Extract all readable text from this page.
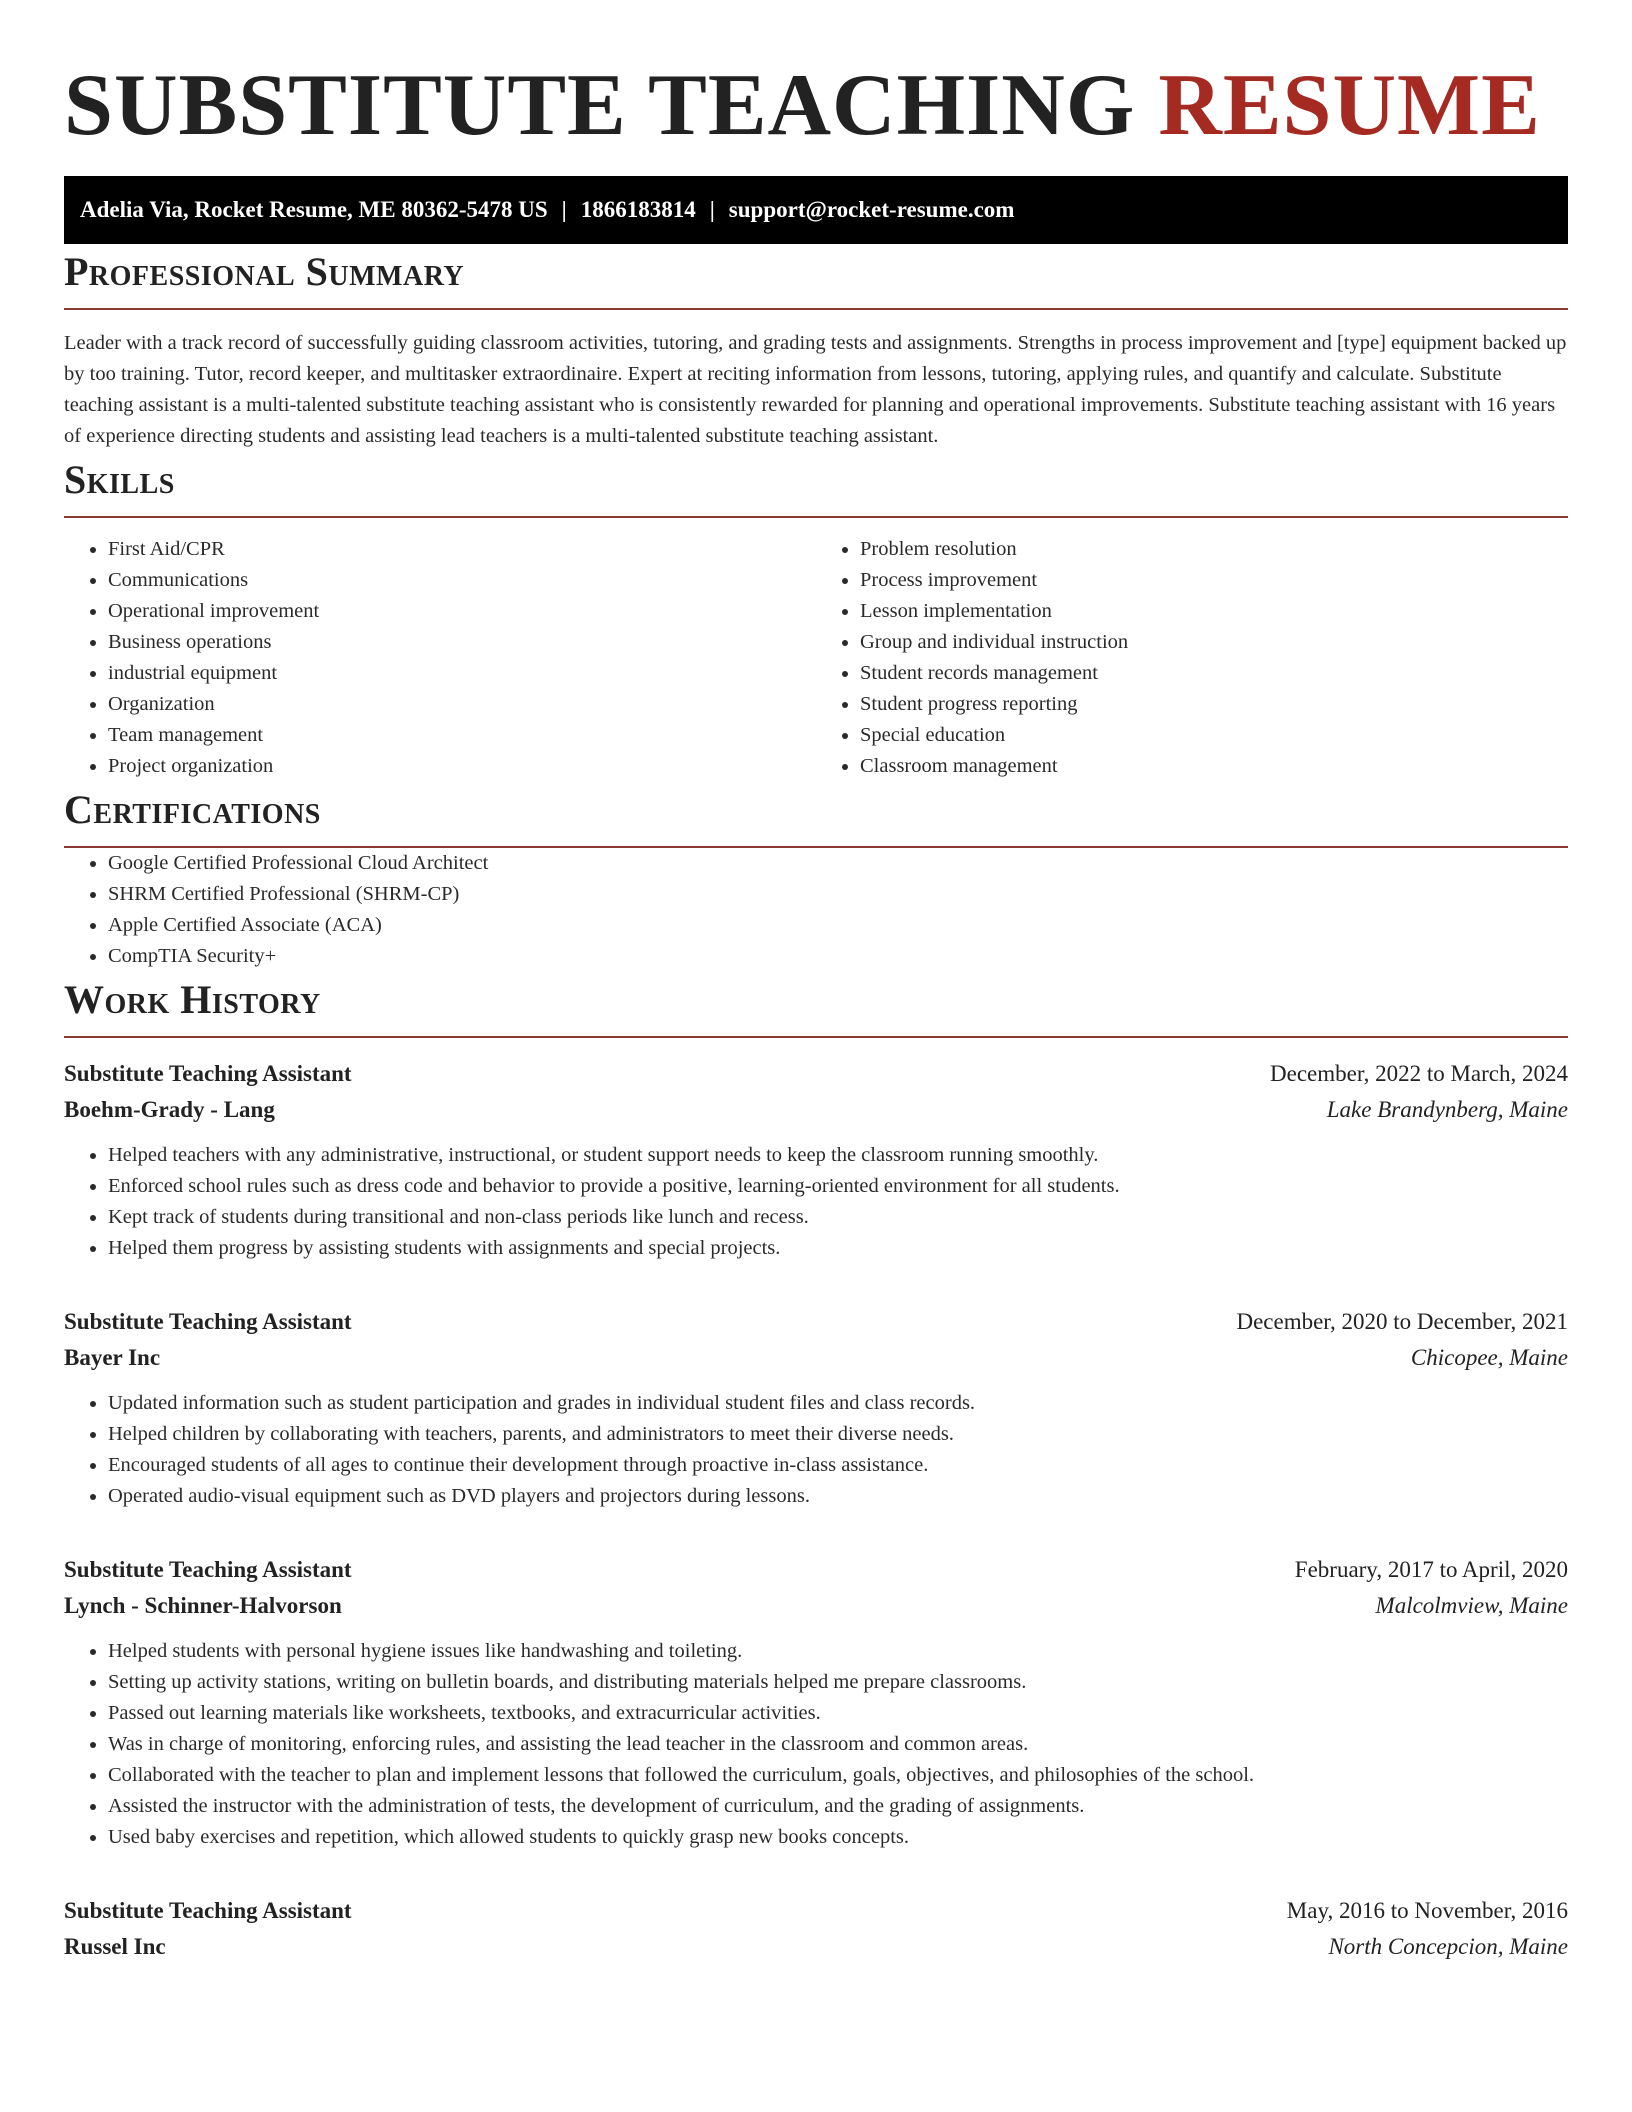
SUBSTITUTE TEACHING RESUME
Adelia Via, Rocket Resume, ME 80362-5478 US | 1866183814 | support@rocket-resume.com
Professional Summary

Leader with a track record of successfully guiding classroom activities, tutoring, and grading tests and assignments. Strengths in process improvement and [type] equipment backed up by too training. Tutor, record keeper, and multitasker extraordinaire. Expert at reciting information from lessons, tutoring, applying rules, and quantify and calculate. Substitute teaching assistant is a multi-talented substitute teaching assistant who is consistently rewarded for planning and operational improvements. Substitute teaching assistant with 16 years of experience directing students and assisting lead teachers is a multi-talented substitute teaching assistant.

Skills
• First Aid/CPR
• Communications
• Operational improvement
• Business operations
• industrial equipment
• Organization
• Team management
• Project organization
• Problem resolution
• Process improvement
• Lesson implementation
• Group and individual instruction
• Student records management
• Student progress reporting
• Special education
• Classroom management
Certifications
• Google Certified Professional Cloud Architect
• SHRM Certified Professional (SHRM-CP)
• Apple Certified Associate (ACA)
• CompTIA Security+
Work History
Substitute Teaching Assistant	December, 2022 to March, 2024
Boehm-Grady - Lang	Lake Brandynberg, Maine
• Helped teachers with any administrative, instructional, or student support needs to keep the classroom running smoothly.
• Enforced school rules such as dress code and behavior to provide a positive, learning-oriented environment for all students.
• Kept track of students during transitional and non-class periods like lunch and recess.
• Helped them progress by assisting students with assignments and special projects.
Substitute Teaching Assistant	December, 2020 to December, 2021
Bayer Inc	Chicopee, Maine
• Updated information such as student participation and grades in individual student files and class records.
• Helped children by collaborating with teachers, parents, and administrators to meet their diverse needs.
• Encouraged students of all ages to continue their development through proactive in-class assistance.
• Operated audio-visual equipment such as DVD players and projectors during lessons.
Substitute Teaching Assistant	February, 2017 to April, 2020
Lynch - Schinner-Halvorson	Malcolmview, Maine
• Helped students with personal hygiene issues like handwashing and toileting.
• Setting up activity stations, writing on bulletin boards, and distributing materials helped me prepare classrooms.
• Passed out learning materials like worksheets, textbooks, and extracurricular activities.
• Was in charge of monitoring, enforcing rules, and assisting the lead teacher in the classroom and common areas.
• Collaborated with the teacher to plan and implement lessons that followed the curriculum, goals, objectives, and philosophies of the school.
• Assisted the instructor with the administration of tests, the development of curriculum, and the grading of assignments.
• Used baby exercises and repetition, which allowed students to quickly grasp new books concepts.
Substitute Teaching Assistant	May, 2016 to November, 2016
Russel Inc	North Concepcion, Maine
